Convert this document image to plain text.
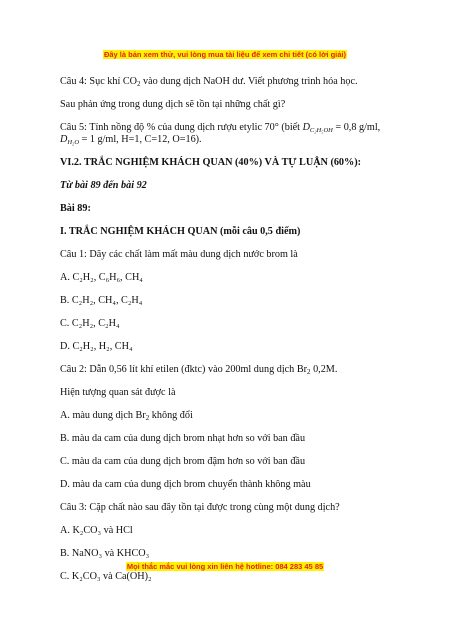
Đây là bản xem thử, vui lòng mua tài liệu để xem chi tiết (có lời giải)

Câu 4: Sục khí $CO_2$ vào dung dịch NaOH dư. Viết phương trình hóa học.

Sau phản ứng trong dung dịch sẽ tồn tại những chất gì?

Câu 5: Tính nồng độ % của dung dịch rượu etylic 70° (biết $D_{C_2H_5OH} = 0,8$ g/ml,

$D_{H_2O} = 1$ g/ml, H=1, C=12, O=16).

VI.2. TRẮC NGHIỆM KHÁCH QUAN (40%) VÀ TỰ LUẬN (60%):

Từ bài 89 đến bài 92

Bài 89:

I. TRẮC NGHIỆM KHÁCH QUAN (mỗi câu 0,5 điểm)

Câu 1: Dãy các chất làm mất màu dung dịch nước brom là

A. C₂H₂, C₆H₆, CH₄

B. C₂H₂, CH₄, C₂H₄

C. C₂H₂, C₂H₄

D. C₂H₂, H₂, CH₄

Câu 2: Dẫn 0,56 lít khí etilen (đktc) vào 200ml dung dịch $Br_2$ 0,2M.

Hiện tượng quan sát được là

A. màu dung dịch $Br_2$ không đổi

B. màu da cam của dung dịch brom nhạt hơn so với ban đầu

C. màu da cam của dung dịch brom đậm hơn so với ban đầu

D. màu da cam của dung dịch brom chuyển thành không màu

Câu 3: Cặp chất nào sau đây tồn tại được trong cùng một dung dịch?

A. K₂CO₃ và HCl

B. NaNO₃ và KHCO₃

C. K₂CO₃ và Ca(OH)₂

Mọi thắc mắc vui lòng xin liên hệ hotline: 084 283 45 85
